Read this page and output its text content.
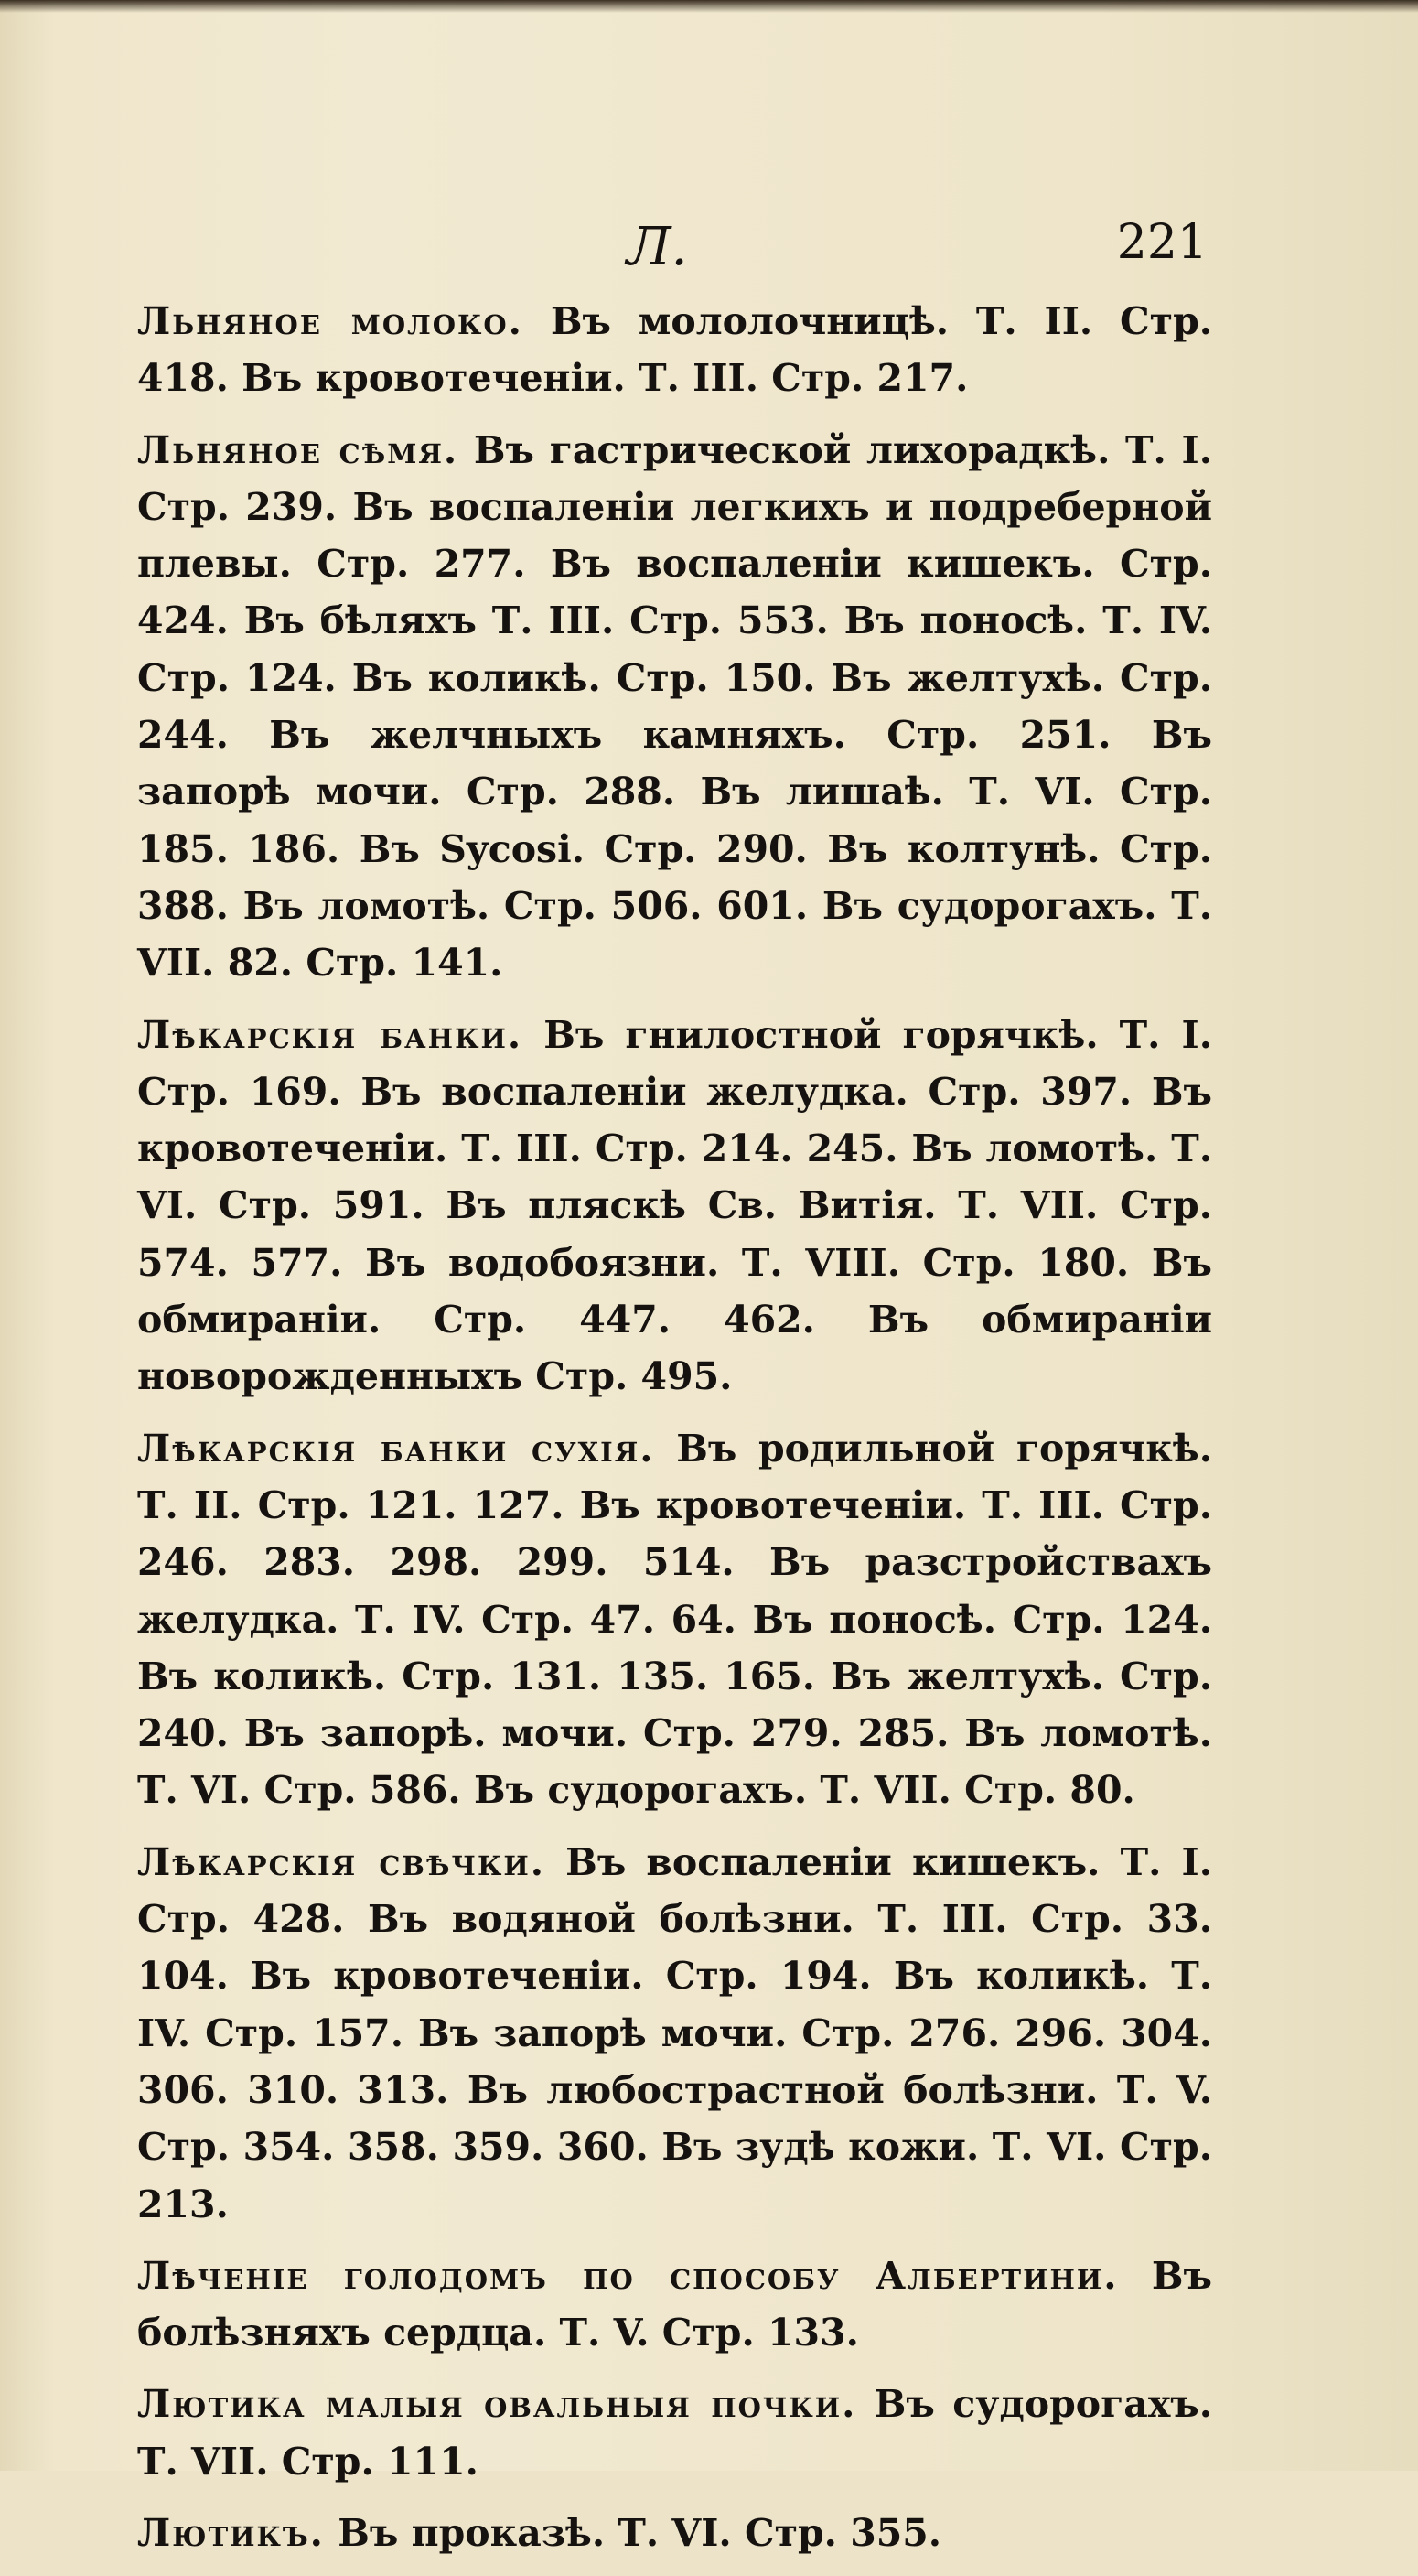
Л.	221

Льняное молоко. Въ мололочницѣ. Т. II. Стр. 418. Въ кровотеченіи. Т. III. Стр. 217.

Льняное сѣмя. Въ гастрической лихорадкѣ. Т. I. Стр. 239. Въ воспаленіи легкихъ и подреберной плевы. Стр. 277. Въ воспаленіи кишекъ. Стр. 424. Въ бѣляхъ Т. III. Стр. 553. Въ поносѣ. Т. IV. Стр. 124. Въ коликѣ. Стр. 150. Въ желтухѣ. Стр. 244. Въ желчныхъ камняхъ. Стр. 251. Въ запорѣ мочи. Стр. 288. Въ лишаѣ. Т. VI. Стр. 185. 186. Въ Sycosi. Стр. 290. Въ колтунѣ. Стр. 388. Въ ломотѣ. Стр. 506. 601. Въ судорогахъ. Т. VII. 82. Стр. 141.

Лѣкарскія банки. Въ гнилостной горячкѣ. Т. I. Стр. 169. Въ воспаленіи желудка. Стр. 397. Въ кровотеченіи. Т. III. Стр. 214. 245. Въ ломотѣ. Т. VI. Стр. 591. Въ пляскѣ Св. Витія. Т. VII. Стр. 574. 577. Въ водобоязни. Т. VIII. Стр. 180. Въ обмираніи. Стр. 447. 462. Въ обмираніи новорожденныхъ Стр. 495.

Лѣкарскія банки сухія. Въ родильной горячкѣ. Т. II. Стр. 121. 127. Въ кровотеченіи. Т. III. Стр. 246. 283. 298. 299. 514. Въ разстройствахъ желудка. Т. IV. Стр. 47. 64. Въ поносѣ. Стр. 124. Въ коликѣ. Стр. 131. 135. 165. Въ желтухѣ. Стр. 240. Въ запорѣ. мочи. Стр. 279. 285. Въ ломотѣ. Т. VI. Стр. 586. Въ судорогахъ. Т. VII. Стр. 80.

Лѣкарскія свѣчки. Въ воспаленіи кишекъ. Т. I. Стр. 428. Въ водяной болѣзни. Т. III. Стр. 33. 104. Въ кровотеченіи. Стр. 194. Въ коликѣ. Т. IV. Стр. 157. Въ запорѣ мочи. Стр. 276. 296. 304. 306. 310. 313. Въ любострастной болѣзни. Т. V. Стр. 354. 358. 359. 360. Въ зудѣ кожи. Т. VI. Стр. 213.

Лѣченіе голодомъ по способу Албертини. Въ болѣзняхъ сердца. Т. V. Стр. 133.

Лютика малыя овальныя почки. Въ судорогахъ. Т. VII. Стр. 111.

Лютикъ. Въ проказѣ. Т. VI. Стр. 355.
